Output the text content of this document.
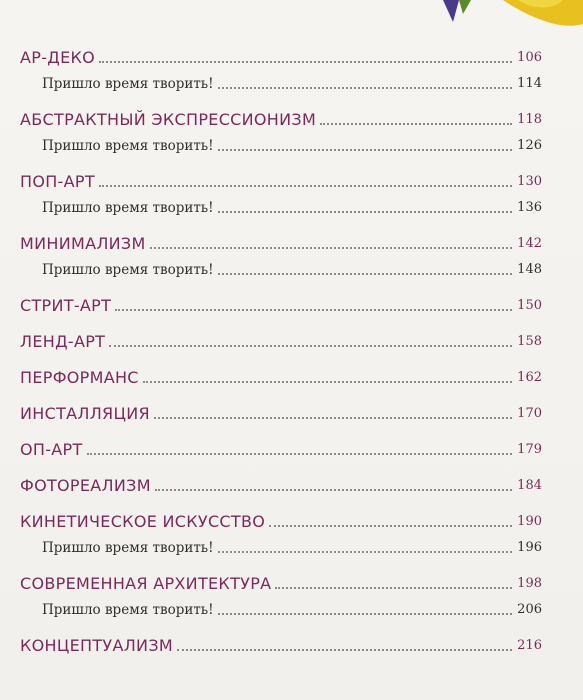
АР-ДЕКО	106
Пришло время творить!	114
АБСТРАКТНЫЙ ЭКСПРЕССИОНИЗМ	118
Пришло время творить!	126
ПОП-АРТ	130
Пришло время творить!	136
МИНИМАЛИЗМ	142
Пришло время творить!	148
СТРИТ-АРТ	150
ЛЕНД-АРТ	158
ПЕРФОРМАНС	162
ИНСТАЛЛЯЦИЯ	170
ОП-АРТ	179
ФОТОРЕАЛИЗМ	184
КИНЕТИЧЕСКОЕ ИСКУССТВО	190
Пришло время творить!	196
СОВРЕМЕННАЯ АРХИТЕКТУРА	198
Пришло время творить!	206
КОНЦЕПТУАЛИЗМ	216
